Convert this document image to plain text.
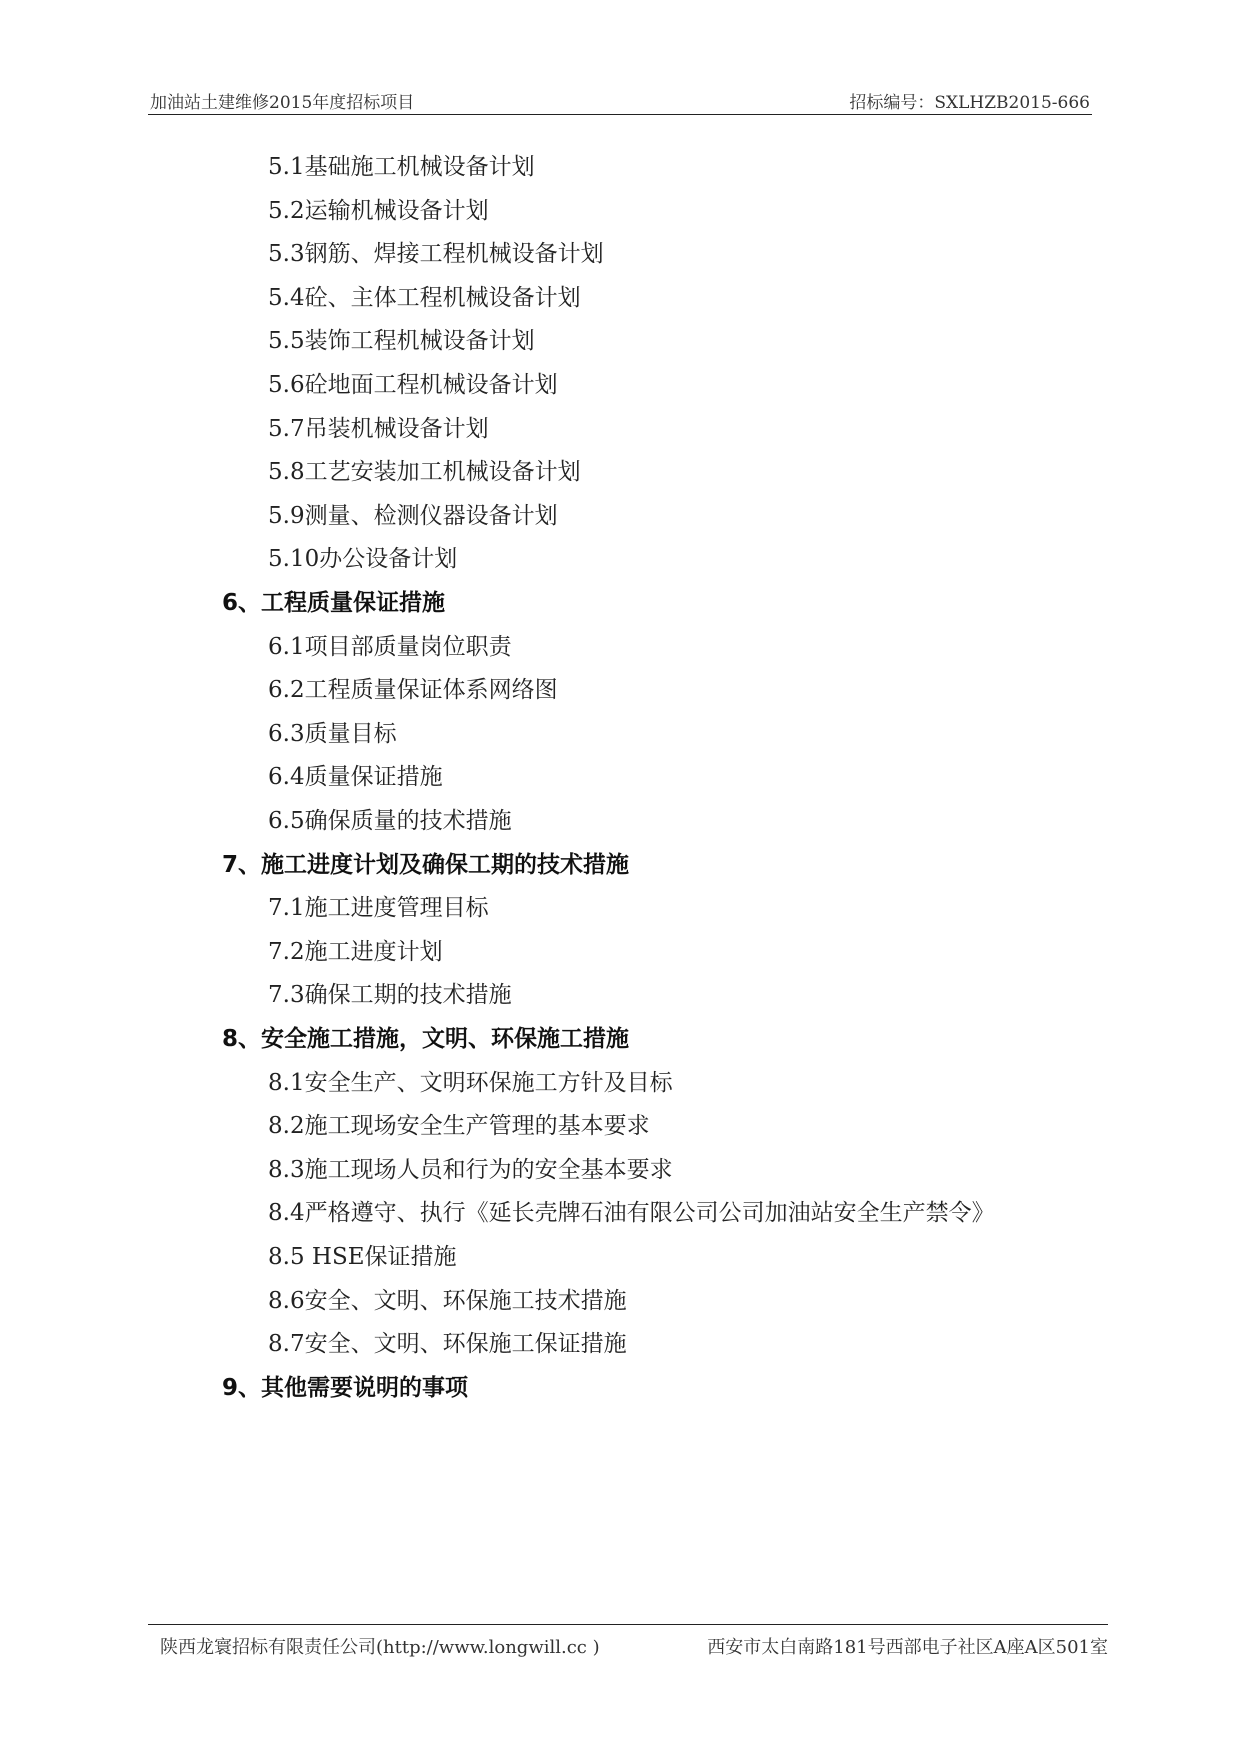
加油站土建维修2015年度招标项目	招标编号：SXLHZB2015-666
5.1基础施工机械设备计划
5.2运输机械设备计划
5.3钢筋、焊接工程机械设备计划
5.4砼、主体工程机械设备计划
5.5装饰工程机械设备计划
5.6砼地面工程机械设备计划
5.7吊装机械设备计划
5.8工艺安装加工机械设备计划
5.9测量、检测仪器设备计划
5.10办公设备计划
6、工程质量保证措施
6.1项目部质量岗位职责
6.2工程质量保证体系网络图
6.3质量目标
6.4质量保证措施
6.5确保质量的技术措施
7、施工进度计划及确保工期的技术措施
7.1施工进度管理目标
7.2施工进度计划
7.3确保工期的技术措施
8、安全施工措施，文明、环保施工措施
8.1安全生产、文明环保施工方针及目标
8.2施工现场安全生产管理的基本要求
8.3施工现场人员和行为的安全基本要求
8.4严格遵守、执行《延长壳牌石油有限公司公司加油站安全生产禁令》
8.5 HSE保证措施
8.6安全、文明、环保施工技术措施
8.7安全、文明、环保施工保证措施
9、其他需要说明的事项
陕西龙寰招标有限责任公司(http://www.longwill.cc )	西安市太白南路181号西部电子社区A座A区501室
